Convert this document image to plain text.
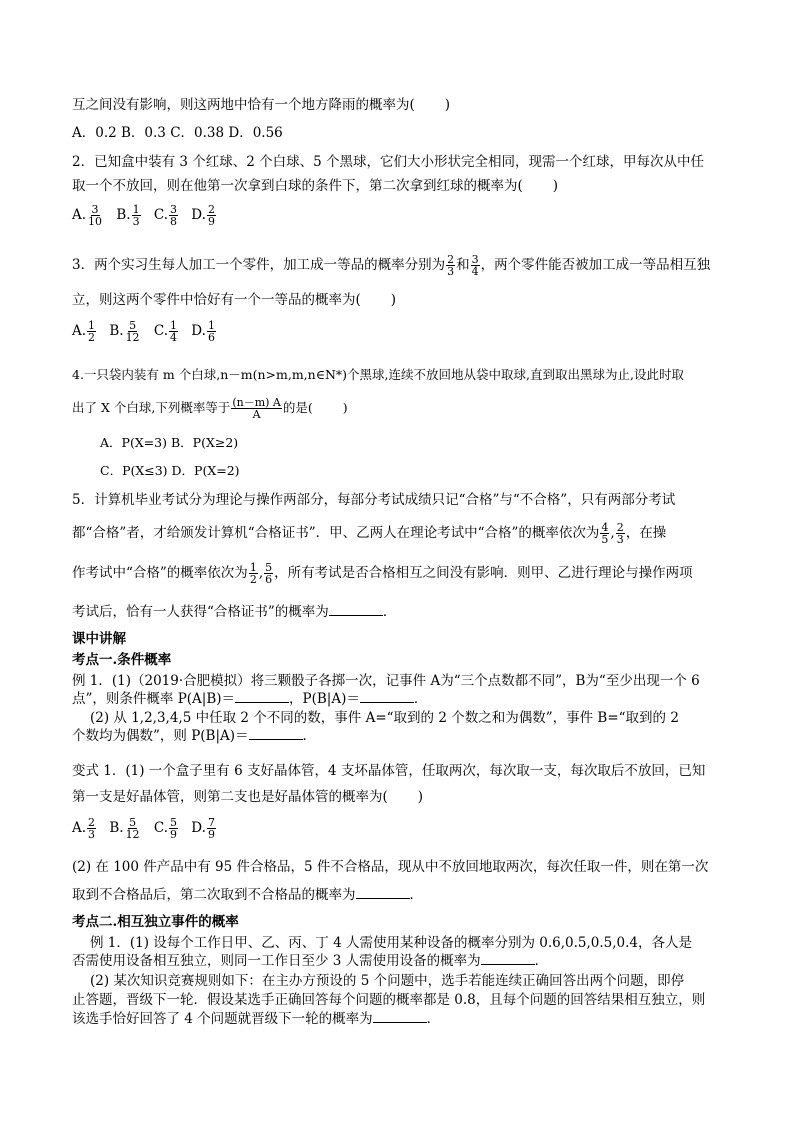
互之间没有影响，则这两地中恰有一个地方降雨的概率为( )
A．0.2 B．0.3 C．0.38 D．0.56
2．已知盒中装有 3 个红球、2 个白球、5 个黑球，它们大小形状完全相同，现需一个红球，甲每次从中任
取一个不放回，则在他第一次拿到白球的条件下，第二次拿到红球的概率为( )
A. $\frac{3}{10} B$. $\frac{1}{3} C$. $\frac{3}{8} D$. $\frac{2}{9}$
3．两个实习生每人加工一个零件，加工成一等品的概率分别为 $\frac{2}{3}$ 和 $\frac{3}{4}$ ，两个零件能否被加工成一等品相互独
立，则这两个零件中恰好有一个一等品的概率为( )
A. $\frac{1}{2} B$. $\frac{5}{12} C$. $\frac{1}{4} D$. $\frac{1}{6}$
4.一只袋内装有 m 个白球,n－m(n>m,m,n∈N*)个黑球,连续不放回地从袋中取球,直到取出黑球为止,设此时取
出了 X 个白球,下列概率等于 $\frac{(n-m) A}{A}$ 的是( )
A．P(X=3) B．P(X≥2)
C．P(X≤3) D．P(X=2)
5．计算机毕业考试分为理论与操作两部分，每部分考试成绩只记“合格”与“不合格”，只有两部分考试
都“合格”者，才给颁发计算机“合格证书”．甲、乙两人在理论考试中“合格”的概率依次为 $\frac{4}{5}$ , $\frac{2}{3}$ ，在操
作考试中“合格”的概率依次为 $\frac{1}{2}$ , $\frac{5}{6}$ ，所有考试是否合格相互之间没有影响．则甲、乙进行理论与操作两项
考试后，恰有一人获得“合格证书”的概率为	．
课中讲解
考点一.条件概率
例 1．(1)（2019·合肥模拟）将三颗骰子各掷一次，记事件 A为“三个点数都不同”，B为“至少出现一个 6
点”，则条件概率 P(A|B)＝	，P(B|A)＝	．
(2) 从 1,2,3,4,5 中任取 2 个不同的数，事件 A=“取到的 2 个数之和为偶数”，事件 B=“取到的 2
个数均为偶数”，则 P(B|A)＝	．
变式 1．(1) 一个盒子里有 6 支好晶体管，4 支坏晶体管，任取两次，每次取一支，每次取后不放回，已知
第一支是好晶体管，则第二支也是好晶体管的概率为( )
A. $\frac{2}{3} B$. $\frac{5}{12} C$. $\frac{5}{9} D$. $\frac{7}{9}$
(2) 在 100 件产品中有 95 件合格品，5 件不合格品，现从中不放回地取两次，每次任取一件，则在第一次
取到不合格品后，第二次取到不合格品的概率为	．
考点二.相互独立事件的概率
例 1．(1) 设每个工作日甲、乙、丙、丁 4 人需使用某种设备的概率分别为 0.6,0.5,0.5,0.4，各人是
否需使用设备相互独立，则同一工作日至少 3 人需使用设备的概率为	．
(2) 某次知识竞赛规则如下：在主办方预设的 5 个问题中，选手若能连续正确回答出两个问题，即停
止答题，晋级下一轮．假设某选手正确回答每个问题的概率都是 0.8，且每个问题的回答结果相互独立，则
该选手恰好回答了 4 个问题就晋级下一轮的概率为	．
